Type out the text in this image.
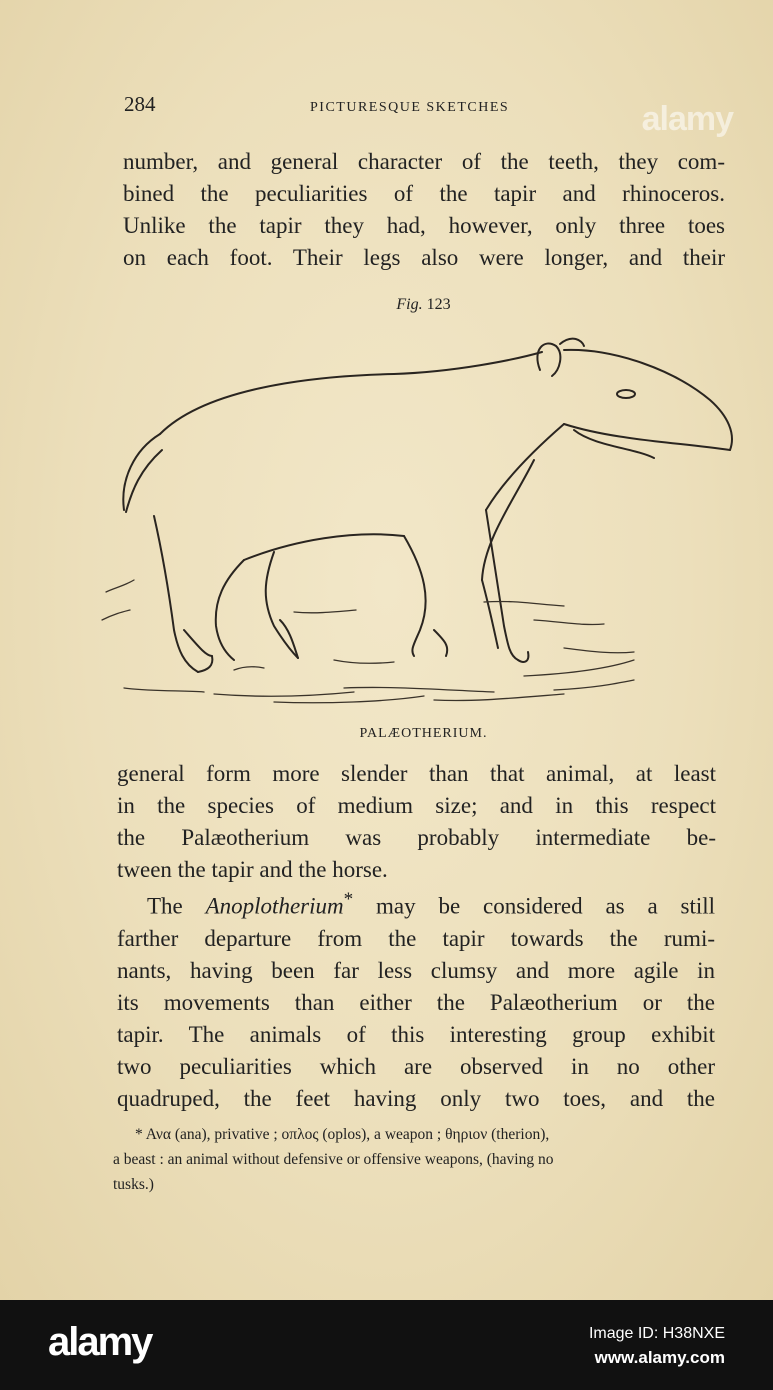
alamy
284	PICTURESQUE SKETCHES
number, and general character of the teeth, they com-
bined the peculiarities of the tapir and rhinoceros.
Unlike the tapir they had, however, only three toes
on each foot. Their legs also were longer, and their
Fig. 123
PALÆOTHERIUM.
general form more slender than that animal, at least
in the species of medium size; and in this respect
the Palæotherium was probably intermediate be-
tween the tapir and the horse.
The Anoplotherium* may be considered as a still
farther departure from the tapir towards the rumi-
nants, having been far less clumsy and more agile in
its movements than either the Palæotherium or the
tapir. The animals of this interesting group exhibit
two peculiarities which are observed in no other
quadruped, the feet having only two toes, and the
* Ανα (ana), privative ; οπλος (oplos), a weapon ; θηριον (therion),
a beast : an animal without defensive or offensive weapons, (having no
tusks.)
alamy	Image ID: H38NXE
www.alamy.com
